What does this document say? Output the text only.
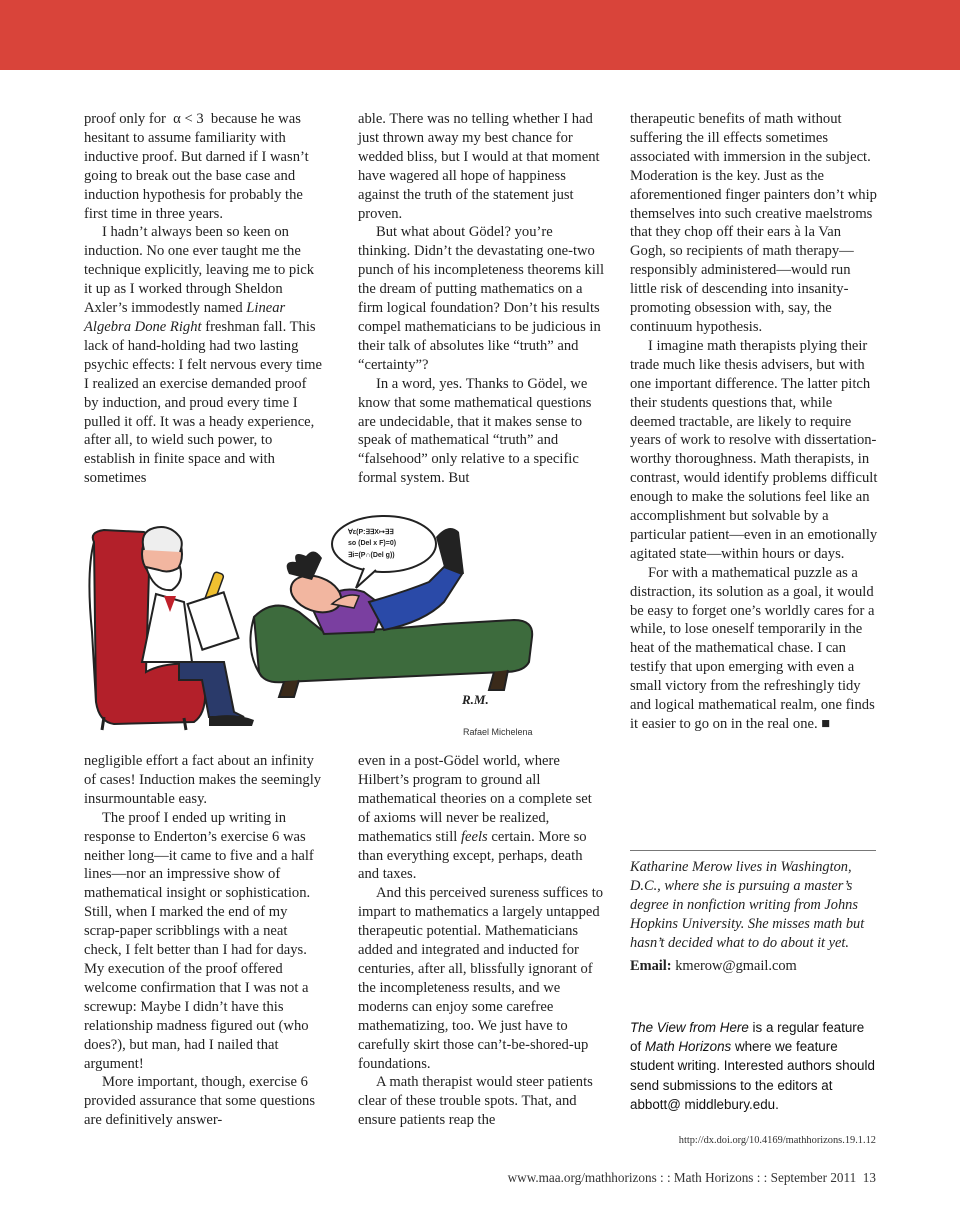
proof only for  α < 3  because he was hesitant to assume familiarity with inductive proof. But darned if I wasn’t going to break out the base case and induction hypothesis for probably the first time in three years.

I hadn’t always been so keen on induction. No one ever taught me the technique explicitly, leaving me to pick it up as I worked through Sheldon Axler’s immodestly named Linear Algebra Done Right freshman fall. This lack of hand-holding had two lasting psychic effects: I felt nervous every time I realized an exercise demanded proof by induction, and proud every time I pulled it off. It was a heady experience, after all, to wield such power, to establish in finite space and with sometimes

∀ε(P:∃∃X↦∃∃
so (Del x F)=0)
∃i=(P∩(Del g))
R.M.
Rafael Michelena

negligible effort a fact about an infinity of cases! Induction makes the seemingly insurmountable easy.

The proof I ended up writing in response to Enderton’s exercise 6 was neither long—it came to five and a half lines—nor an impressive show of mathematical insight or sophistication. Still, when I marked the end of my scrap-paper scribblings with a neat check, I felt better than I had for days. My execution of the proof offered welcome confirmation that I was not a screwup: Maybe I didn’t have this relationship madness figured out (who does?), but man, had I nailed that argument!

More important, though, exercise 6 provided assurance that some questions are definitively answer-

able. There was no telling whether I had just thrown away my best chance for wedded bliss, but I would at that moment have wagered all hope of happiness against the truth of the statement just proven.

But what about Gödel? you’re thinking. Didn’t the devastating one-two punch of his incompleteness theorems kill the dream of putting mathematics on a firm logical foundation? Don’t his results compel mathematicians to be judicious in their talk of absolutes like “truth” and “certainty”?

In a word, yes. Thanks to Gödel, we know that some mathematical questions are undecidable, that it makes sense to speak of mathematical “truth” and “falsehood” only relative to a specific formal system. But

even in a post-Gödel world, where Hilbert’s program to ground all mathematical theories on a complete set of axioms will never be realized, mathematics still feels certain. More so than everything except, perhaps, death and taxes.

And this perceived sureness suffices to impart to mathematics a largely untapped therapeutic potential. Mathematicians added and integrated and inducted for centuries, after all, blissfully ignorant of the incompleteness results, and we moderns can enjoy some carefree mathematizing, too. We just have to carefully skirt those can’t-be-shored-up foundations.

A math therapist would steer patients clear of these trouble spots. That, and ensure patients reap the

therapeutic benefits of math without suffering the ill effects sometimes associated with immersion in the subject. Moderation is the key. Just as the aforementioned finger painters don’t whip themselves into such creative maelstroms that they chop off their ears à la Van Gogh, so recipients of math therapy—responsibly administered—would run little risk of descending into insanity-promoting obsession with, say, the continuum hypothesis.

I imagine math therapists plying their trade much like thesis advisers, but with one important difference. The latter pitch their students questions that, while deemed tractable, are likely to require years of work to resolve with dissertation-worthy thoroughness. Math therapists, in contrast, would identify problems difficult enough to make the solutions feel like an accomplishment but solvable by a particular patient—even in an emotionally agitated state—within hours or days.

For with a mathematical puzzle as a distraction, its solution as a goal, it would be easy to forget one’s worldly cares for a while, to lose oneself temporarily in the heat of the mathematical chase. I can testify that upon emerging with even a small victory from the refreshingly tidy and logical mathematical realm, one finds it easier to go on in the real one. ■

Katharine Merow lives in Washington, D.C., where she is pursuing a master’s degree in nonfiction writing from Johns Hopkins University. She misses math but hasn’t decided what to do about it yet.
Email: kmerow@gmail.com
The View from Here is a regular feature of Math Horizons where we feature student writing. Interested authors should send submissions to the editors at abbott@ middlebury.edu.
http://dx.doi.org/10.4169/mathhorizons.19.1.12
www.maa.org/mathhorizons : : Math Horizons : : September 2011  13
